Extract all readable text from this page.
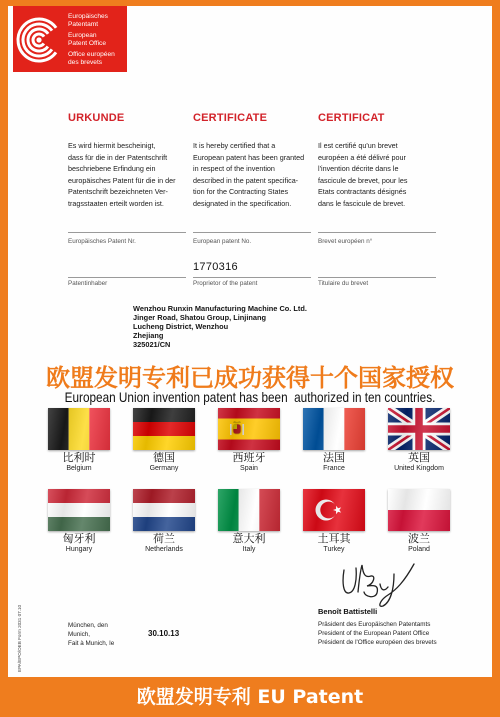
Europäisches
Patentamt
European
Patent Office
Office européen
des brevets
URKUNDE	CERTIFICATE	CERTIFICAT
Es wird hiermit bescheinigt,
dass für die in der Patentschrift
beschriebene Erfindung ein
europäisches Patent für die in der
Patentschrift bezeichneten Ver-
tragsstaaten erteilt worden ist.
It is hereby certified that a
European patent has been granted
in respect of the invention
described in the patent specifica-
tion for the Contracting States
designated in the specification.
Il est certifié qu'un brevet
européen a été délivré pour
l'invention décrite dans le
fascicule de brevet, pour les
Etats contractants désignés
dans le fascicule de brevet.
Europäisches Patent Nr.	European patent No.	Brevet européen n°
1770316
Patentinhaber	Proprietor of the patent	Titulaire du brevet
Wenzhou Runxin Manufacturing Machine Co. Ltd.
Jinger Road, Shatou Group, Linjinang
Lucheng District, Wenzhou
Zhejiang
325021/CN
欧盟发明专利已成功获得十个国家授权
European Union invention patent has been  authorized in ten countries.
比利时
Belgium
德国
Germany
西班牙
Spain
法国
France
英国
United Kingdom
匈牙利
Hungary
荷兰
Netherlands
意大利
Italy
土耳其
Turkey
波兰
Poland
Benoît Battistelli
Präsident des Europäischen Patentamts
President of the European Patent Office
Président de l'Office européen des brevets
München, den
Munich,
Fait à Munich, le
30.10.13
EPA/EPO/OEB Form 2031 07.10
欧盟发明专利 EU Patent
